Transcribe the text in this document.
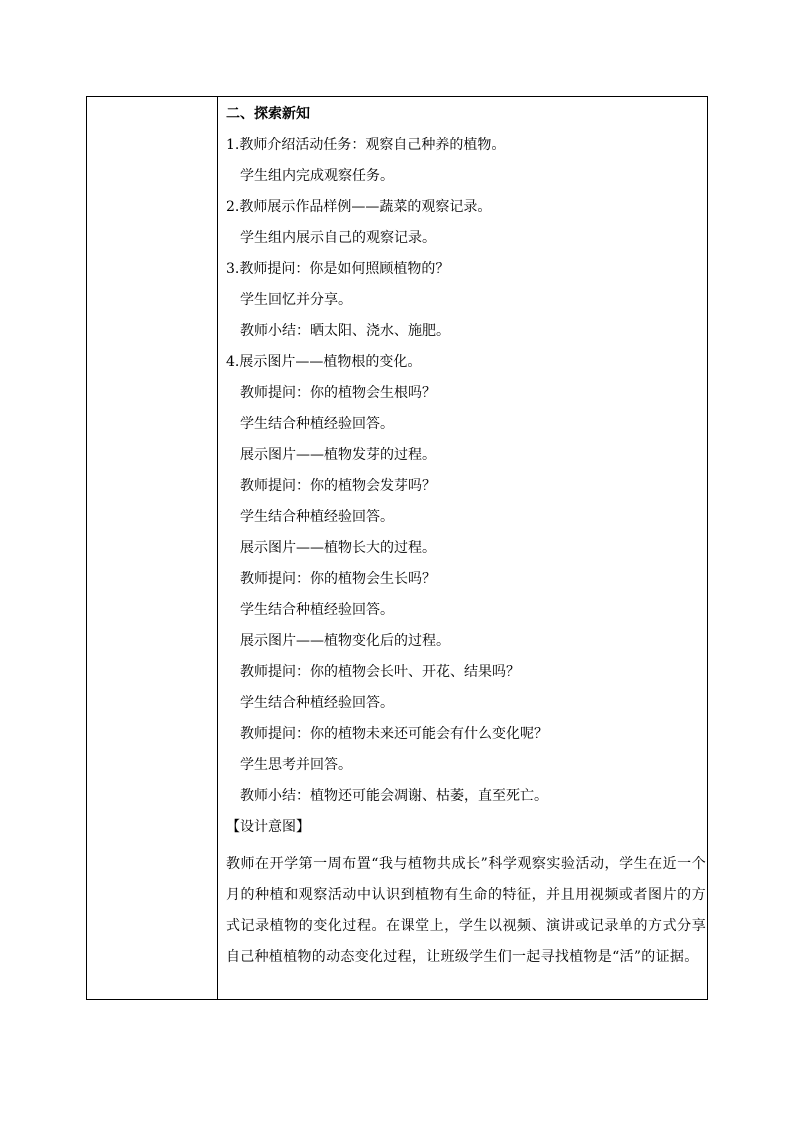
二、探索新知
1.教师介绍活动任务：观察自己种养的植物。
学生组内完成观察任务。
2.教师展示作品样例——蔬菜的观察记录。
学生组内展示自己的观察记录。
3.教师提问：你是如何照顾植物的？
学生回忆并分享。
教师小结：晒太阳、浇水、施肥。
4.展示图片——植物根的变化。
教师提问：你的植物会生根吗？
学生结合种植经验回答。
展示图片——植物发芽的过程。
教师提问：你的植物会发芽吗？
学生结合种植经验回答。
展示图片——植物长大的过程。
教师提问：你的植物会生长吗？
学生结合种植经验回答。
展示图片——植物变化后的过程。
教师提问：你的植物会长叶、开花、结果吗？
学生结合种植经验回答。
教师提问：你的植物未来还可能会有什么变化呢？
学生思考并回答。
教师小结：植物还可能会凋谢、枯萎，直至死亡。
【设计意图】
教师在开学第一周布置“我与植物共成长”科学观察实验活动，学生在近一个月的种植和观察活动中认识到植物有生命的特征，并且用视频或者图片的方式记录植物的变化过程。在课堂上，学生以视频、演讲或记录单的方式分享自己种植植物的动态变化过程，让班级学生们一起寻找植物是“活”的证据。
